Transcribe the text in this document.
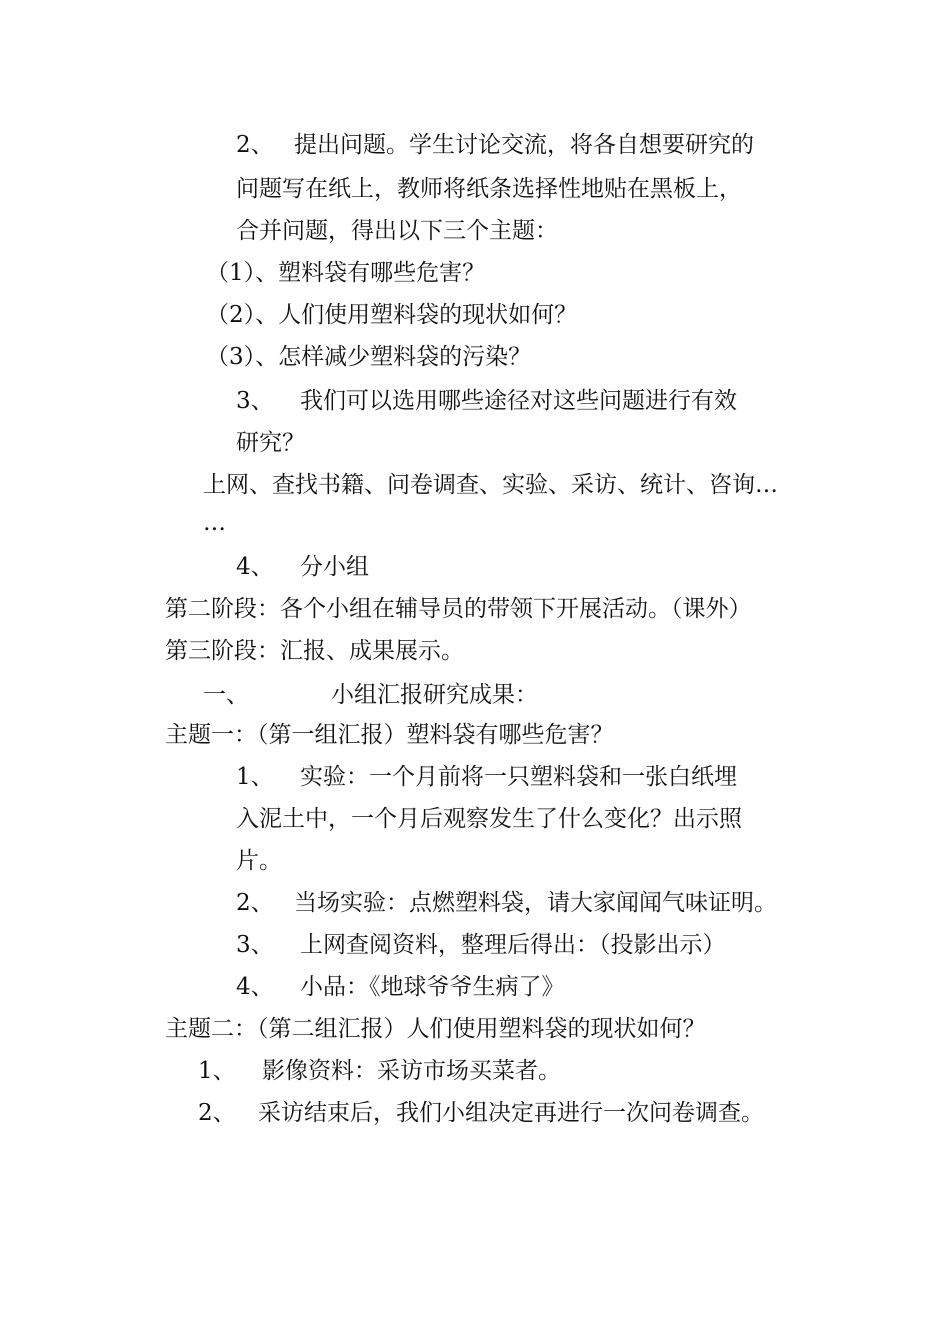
2、 提出问题。学生讨论交流，将各自想要研究的
问题写在纸上，教师将纸条选择性地贴在黑板上，
合并问题，得出以下三个主题：
（1）、塑料袋有哪些危害？
（2）、人们使用塑料袋的现状如何？
（3）、怎样减少塑料袋的污染？
3、 我们可以选用哪些途径对这些问题进行有效
研究？
上网、查找书籍、问卷调查、实验、采访、统计、咨询…
…
4、 分小组
第二阶段：各个小组在辅导员的带领下开展活动。（课外）
第三阶段：汇报、成果展示。
一、	小组汇报研究成果：
主题一：（第一组汇报）塑料袋有哪些危害？
1、 实验：一个月前将一只塑料袋和一张白纸埋
入泥土中，一个月后观察发生了什么变化？出示照
片。
2、 当场实验：点燃塑料袋，请大家闻闻气味证明。
3、 上网查阅资料，整理后得出：（投影出示）
4、 小品：《地球爷爷生病了》
主题二：（第二组汇报）人们使用塑料袋的现状如何？
1、 影像资料：采访市场买菜者。
2、 采访结束后，我们小组决定再进行一次问卷调查。
